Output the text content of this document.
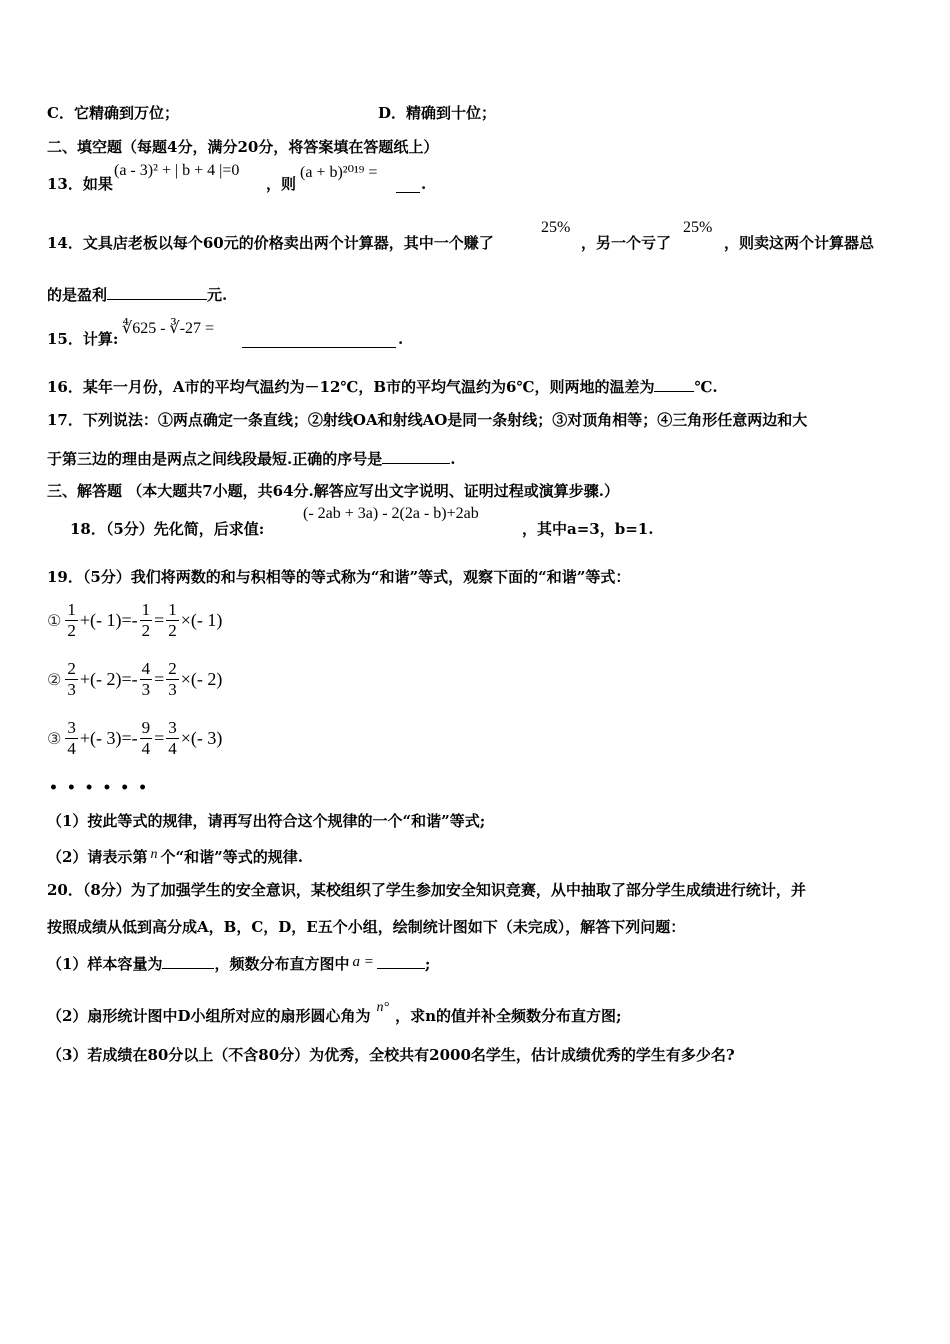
C．它精确到万位；	D．精确到十位；
二、填空题（每题4分，满分20分，将答案填在答题纸上）
13．如果
(a - 3)² + | b + 4 |=0
，则
(a + b)²⁰¹⁹ =
.
14．文具店老板以每个60元的价格卖出两个计算器，其中一个赚了
25%
，另一个亏了
25%
，则卖这两个计算器总
的是盈利	元.
15．计算:
∜625 - ∛-27 =
.
16．某年一月份，A市的平均气温约为－12℃，B市的平均气温约为6℃，则两地的温差为	℃.
17．下列说法：①两点确定一条直线；②射线OA和射线AO是同一条射线；③对顶角相等；④三角形任意两边和大
于第三边的理由是两点之间线段最短.正确的序号是	.
三、解答题 （本大题共7小题，共64分.解答应写出文字说明、证明过程或演算步骤.）
18．（5分）先化简，后求值:
(- 2ab + 3a) - 2(2a - b)+2ab
，其中a=3，b=1.
19．（5分）我们将两数的和与积相等的等式称为“和谐”等式，观察下面的“和谐”等式：
① $\frac{1}{2}$ +(- $1)=- \frac{1}{2} = \frac{1}{2}$ ×(- 1)
② $\frac{2}{3}$ +(- $2)=- \frac{4}{3} = \frac{2}{3}$ ×(- 2)
③ $\frac{3}{4}$ +(- $3)=- \frac{9}{4} = \frac{3}{4}$ ×(- 3)
• • • • • •
（1）按此等式的规律，请再写出符合这个规律的一个“和谐”等式;
（2）请表示第 n 个“和谐”等式的规律.
20．（8分）为了加强学生的安全意识，某校组织了学生参加安全知识竞赛，从中抽取了部分学生成绩进行统计，并
按照成绩从低到高分成A，B，C，D，E五个小组，绘制统计图如下（未完成），解答下列问题：
（1）样本容量为	，频数分布直方图中 a =	;
（2）扇形统计图中D小组所对应的扇形圆心角为 n° ，求n的值并补全频数分布直方图;
（3）若成绩在80分以上（不含80分）为优秀，全校共有2000名学生，估计成绩优秀的学生有多少名?
